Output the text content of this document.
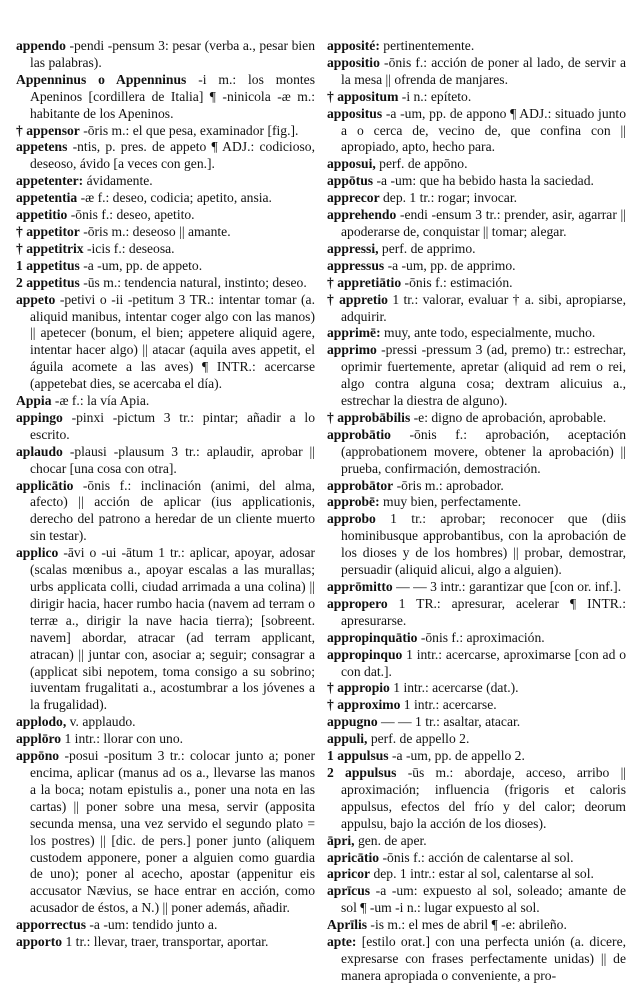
appendo -pendi -pensum 3: pesar (verba a., pesar bien las palabras).

Appenninus o Appenninus -i m.: los montes Apeninos [cordillera de Italia] ¶ -ninicola -æ m.: habitante de los Apeninos.

† appensor -ōris m.: el que pesa, examinador [fig.].

appetens -ntis, p. pres. de appeto ¶ ADJ.: codicioso, deseoso, ávido [a veces con gen.].

appetenter: ávidamente.

appetentia -æ f.: deseo, codicia; apetito, ansia.

appetitio -ōnis f.: deseo, apetito.

† appetitor -ōris m.: deseoso || amante.

† appetitrix -icis f.: deseosa.

1 appetitus -a -um, pp. de appeto.

2 appetitus -ūs m.: tendencia natural, instinto; deseo.

appeto -petivi o -ii -petitum 3 TR.: intentar tomar (a. aliquid manibus, intentar coger algo con las manos) || apetecer (bonum, el bien; appetere aliquid agere, intentar hacer algo) || atacar (aquila aves appetit, el águila acomete a las aves) ¶ INTR.: acercarse (appetebat dies, se acercaba el día).

Appia -æ f.: la vía Apia.

appingo -pinxi -pictum 3 tr.: pintar; añadir a lo escrito.

aplaudo -plausi -plausum 3 tr.: aplaudir, aprobar || chocar [una cosa con otra].

applicātio -ōnis f.: inclinación (animi, del alma, afecto) || acción de aplicar (ius applicationis, derecho del patrono a heredar de un cliente muerto sin testar).

applico -āvi o -ui -ātum 1 tr.: aplicar, apoyar, adosar (scalas mœnibus a., apoyar escalas a las murallas; urbs applicata colli, ciudad arrimada a una colina) || dirigir hacia, hacer rumbo hacia (navem ad terram o terræ a., dirigir la nave hacia tierra); [sobreent. navem] abordar, atracar (ad terram applicant, atracan) || juntar con, asociar a; seguir; consagrar a (applicat sibi nepotem, toma consigo a su sobrino; iuventam frugalitati a., acostumbrar a los jóvenes a la frugalidad).

applodo, v. applaudo.

applōro 1 intr.: llorar con uno.

appōno -posui -positum 3 tr.: colocar junto a; poner encima, aplicar (manus ad os a., llevarse las manos a la boca; notam epistulis a., poner una nota en las cartas) || poner sobre una mesa, servir (apposita secunda mensa, una vez servido el segundo plato = los postres) || [dic. de pers.] poner junto (aliquem custodem apponere, poner a alguien como guardia de uno); poner al acecho, apostar (appenitur eis accusator Nævius, se hace entrar en acción, como acusador de éstos, a N.) || poner además, añadir.

apporrectus -a -um: tendido junto a.

apporto 1 tr.: llevar, traer, transportar, aportar.

apposité: pertinentemente.

appositio -ōnis f.: acción de poner al lado, de servir a la mesa || ofrenda de manjares.

† appositum -i n.: epíteto.

appositus -a -um, pp. de appono ¶ ADJ.: situado junto a o cerca de, vecino de, que confina con || apropiado, apto, hecho para.

apposui, perf. de appōno.

appōtus -a -um: que ha bebido hasta la saciedad.

apprecor dep. 1 tr.: rogar; invocar.

apprehendo -endi -ensum 3 tr.: prender, asir, agarrar || apoderarse de, conquistar || tomar; alegar.

appressi, perf. de apprimo.

appressus -a -um, pp. de apprimo.

† appretiātio -ōnis f.: estimación.

† appretio 1 tr.: valorar, evaluar † a. sibi, apropiarse, adquirir.

apprimē: muy, ante todo, especialmente, mucho.

apprimo -pressi -pressum 3 (ad, premo) tr.: estrechar, oprimir fuertemente, apretar (aliquid ad rem o rei, algo contra alguna cosa; dextram alicuius a., estrechar la diestra de alguno).

† approbābilis -e: digno de aprobación, aprobable.

approbātio -ōnis f.: aprobación, aceptación (approbationem movere, obtener la aprobación) || prueba, confirmación, demostración.

approbātor -ōris m.: aprobador.

approbē: muy bien, perfectamente.

approbo 1 tr.: aprobar; reconocer que (diis hominibusque approbantibus, con la aprobación de los dioses y de los hombres) || probar, demostrar, persuadir (aliquid alicui, algo a alguien).

apprōmitto — — 3 intr.: garantizar que [con or. inf.].

appropero 1 TR.: apresurar, acelerar ¶ INTR.: apresurarse.

appropinquātio -ōnis f.: aproximación.

appropinquo 1 intr.: acercarse, aproximarse [con ad o con dat.].

† appropio 1 intr.: acercarse (dat.).

† approximo 1 intr.: acercarse.

appugno — — 1 tr.: asaltar, atacar.

appuli, perf. de appello 2.

1 appulsus -a -um, pp. de appello 2.

2 appulsus -ūs m.: abordaje, acceso, arribo || aproximación; influencia (frigoris et caloris appulsus, efectos del frío y del calor; deorum appulsu, bajo la acción de los dioses).

āpri, gen. de aper.

apricātio -ōnis f.: acción de calentarse al sol.

apricor dep. 1 intr.: estar al sol, calentarse al sol.

aprīcus -a -um: expuesto al sol, soleado; amante de sol ¶ -um -i n.: lugar expuesto al sol.

Aprīlis -is m.: el mes de abril ¶ -e: abrileño.

apte: [estilo orat.] con una perfecta unión (a. dicere, expresarse con frases perfectamente unidas) || de manera apropiada o conveniente, a pro-
